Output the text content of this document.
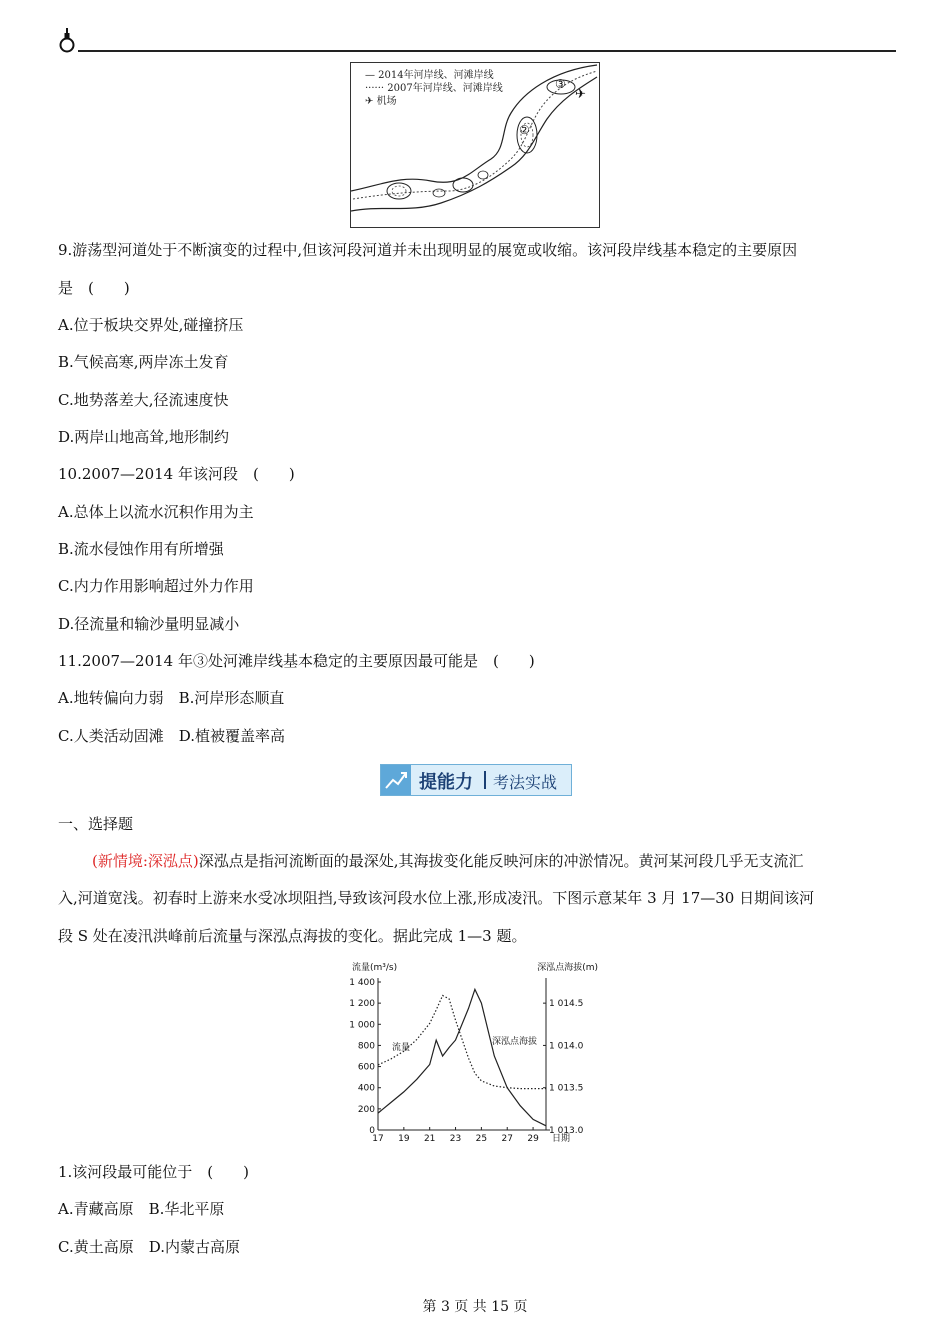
— 2014年河岸线、河滩岸线
······ 2007年河岸线、河滩岸线
✈ 机场
②
③
✈
9.游荡型河道处于不断演变的过程中,但该河段河道并未出现明显的展宽或收缩。该河段岸线基本稳定的主要原因
是　(　　)
A.位于板块交界处,碰撞挤压
B.气候高寒,两岸冻土发育
C.地势落差大,径流速度快
D.两岸山地高耸,地形制约
10.2007—2014 年该河段　(　　)
A.总体上以流水沉积作用为主
B.流水侵蚀作用有所增强
C.内力作用影响超过外力作用
D.径流量和输沙量明显减小
11.2007—2014 年③处河滩岸线基本稳定的主要原因最可能是　(　　)
A.地转偏向力弱　B.河岸形态顺直
C.人类活动固滩　D.植被覆盖率高
提能力 考法实战
一、选择题
(新情境:深泓点)深泓点是指河流断面的最深处,其海拔变化能反映河床的冲淤情况。黄河某河段几乎无支流汇
入,河道宽浅。初春时上游来水受冰坝阻挡,导致该河段水位上涨,形成凌汛。下图示意某年 3 月 17—30 日期间该河
段 S 处在凌汛洪峰前后流量与深泓点海拔的变化。据此完成 1—3 题。
流量(m³/s)	深泓点海拔(m)
0
200
400
600
800
1 000
1 200
1 400
1 013.0
1 013.5
1 014.0
1 014.5
17 19 21 23 25 27 29 日期
流量
深泓点海拔
1.该河段最可能位于　(　　)
A.青藏高原　B.华北平原
C.黄土高原　D.内蒙古高原
第 3 页 共 15 页
